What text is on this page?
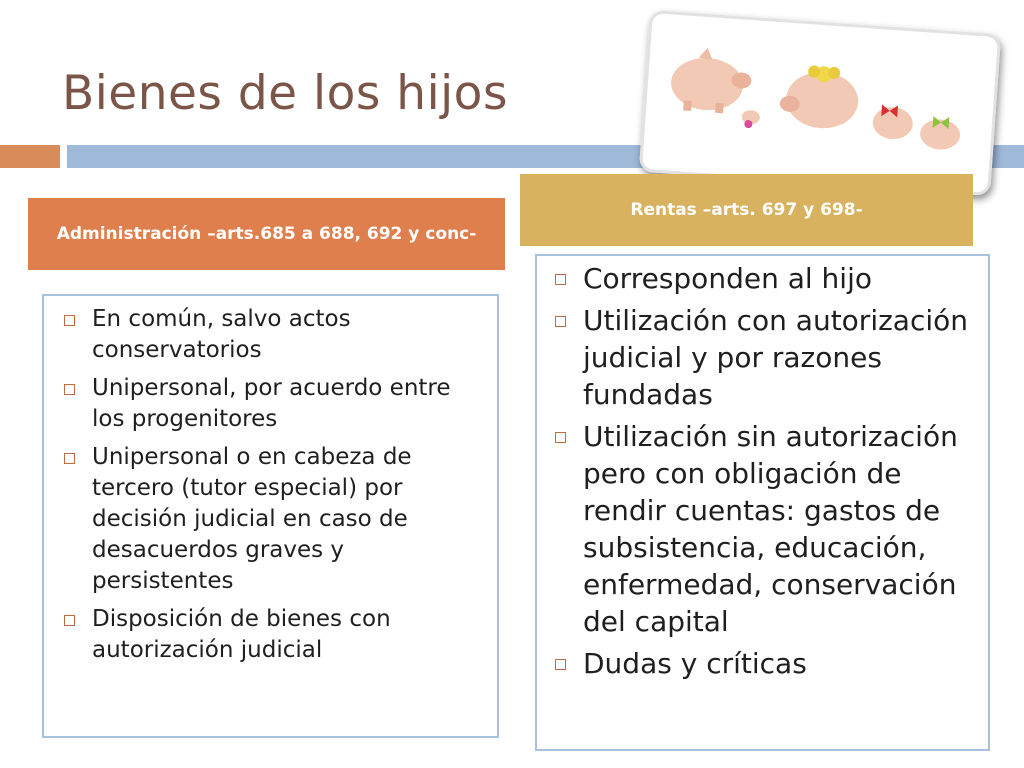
Bienes de los hijos
Administración –arts.685 a 688, 692 y conc-
Rentas –arts. 697 y 698-
En común, salvo actos conservatorios
Unipersonal, por acuerdo entre los progenitores
Unipersonal o en cabeza de tercero (tutor especial) por decisión judicial en caso de desacuerdos graves y persistentes
Disposición de bienes con autorización judicial
Corresponden al hijo
Utilización con autorización judicial y por razones fundadas
Utilización sin autorización pero con obligación de rendir cuentas: gastos de subsistencia, educación, enfermedad, conservación del capital
Dudas y críticas
